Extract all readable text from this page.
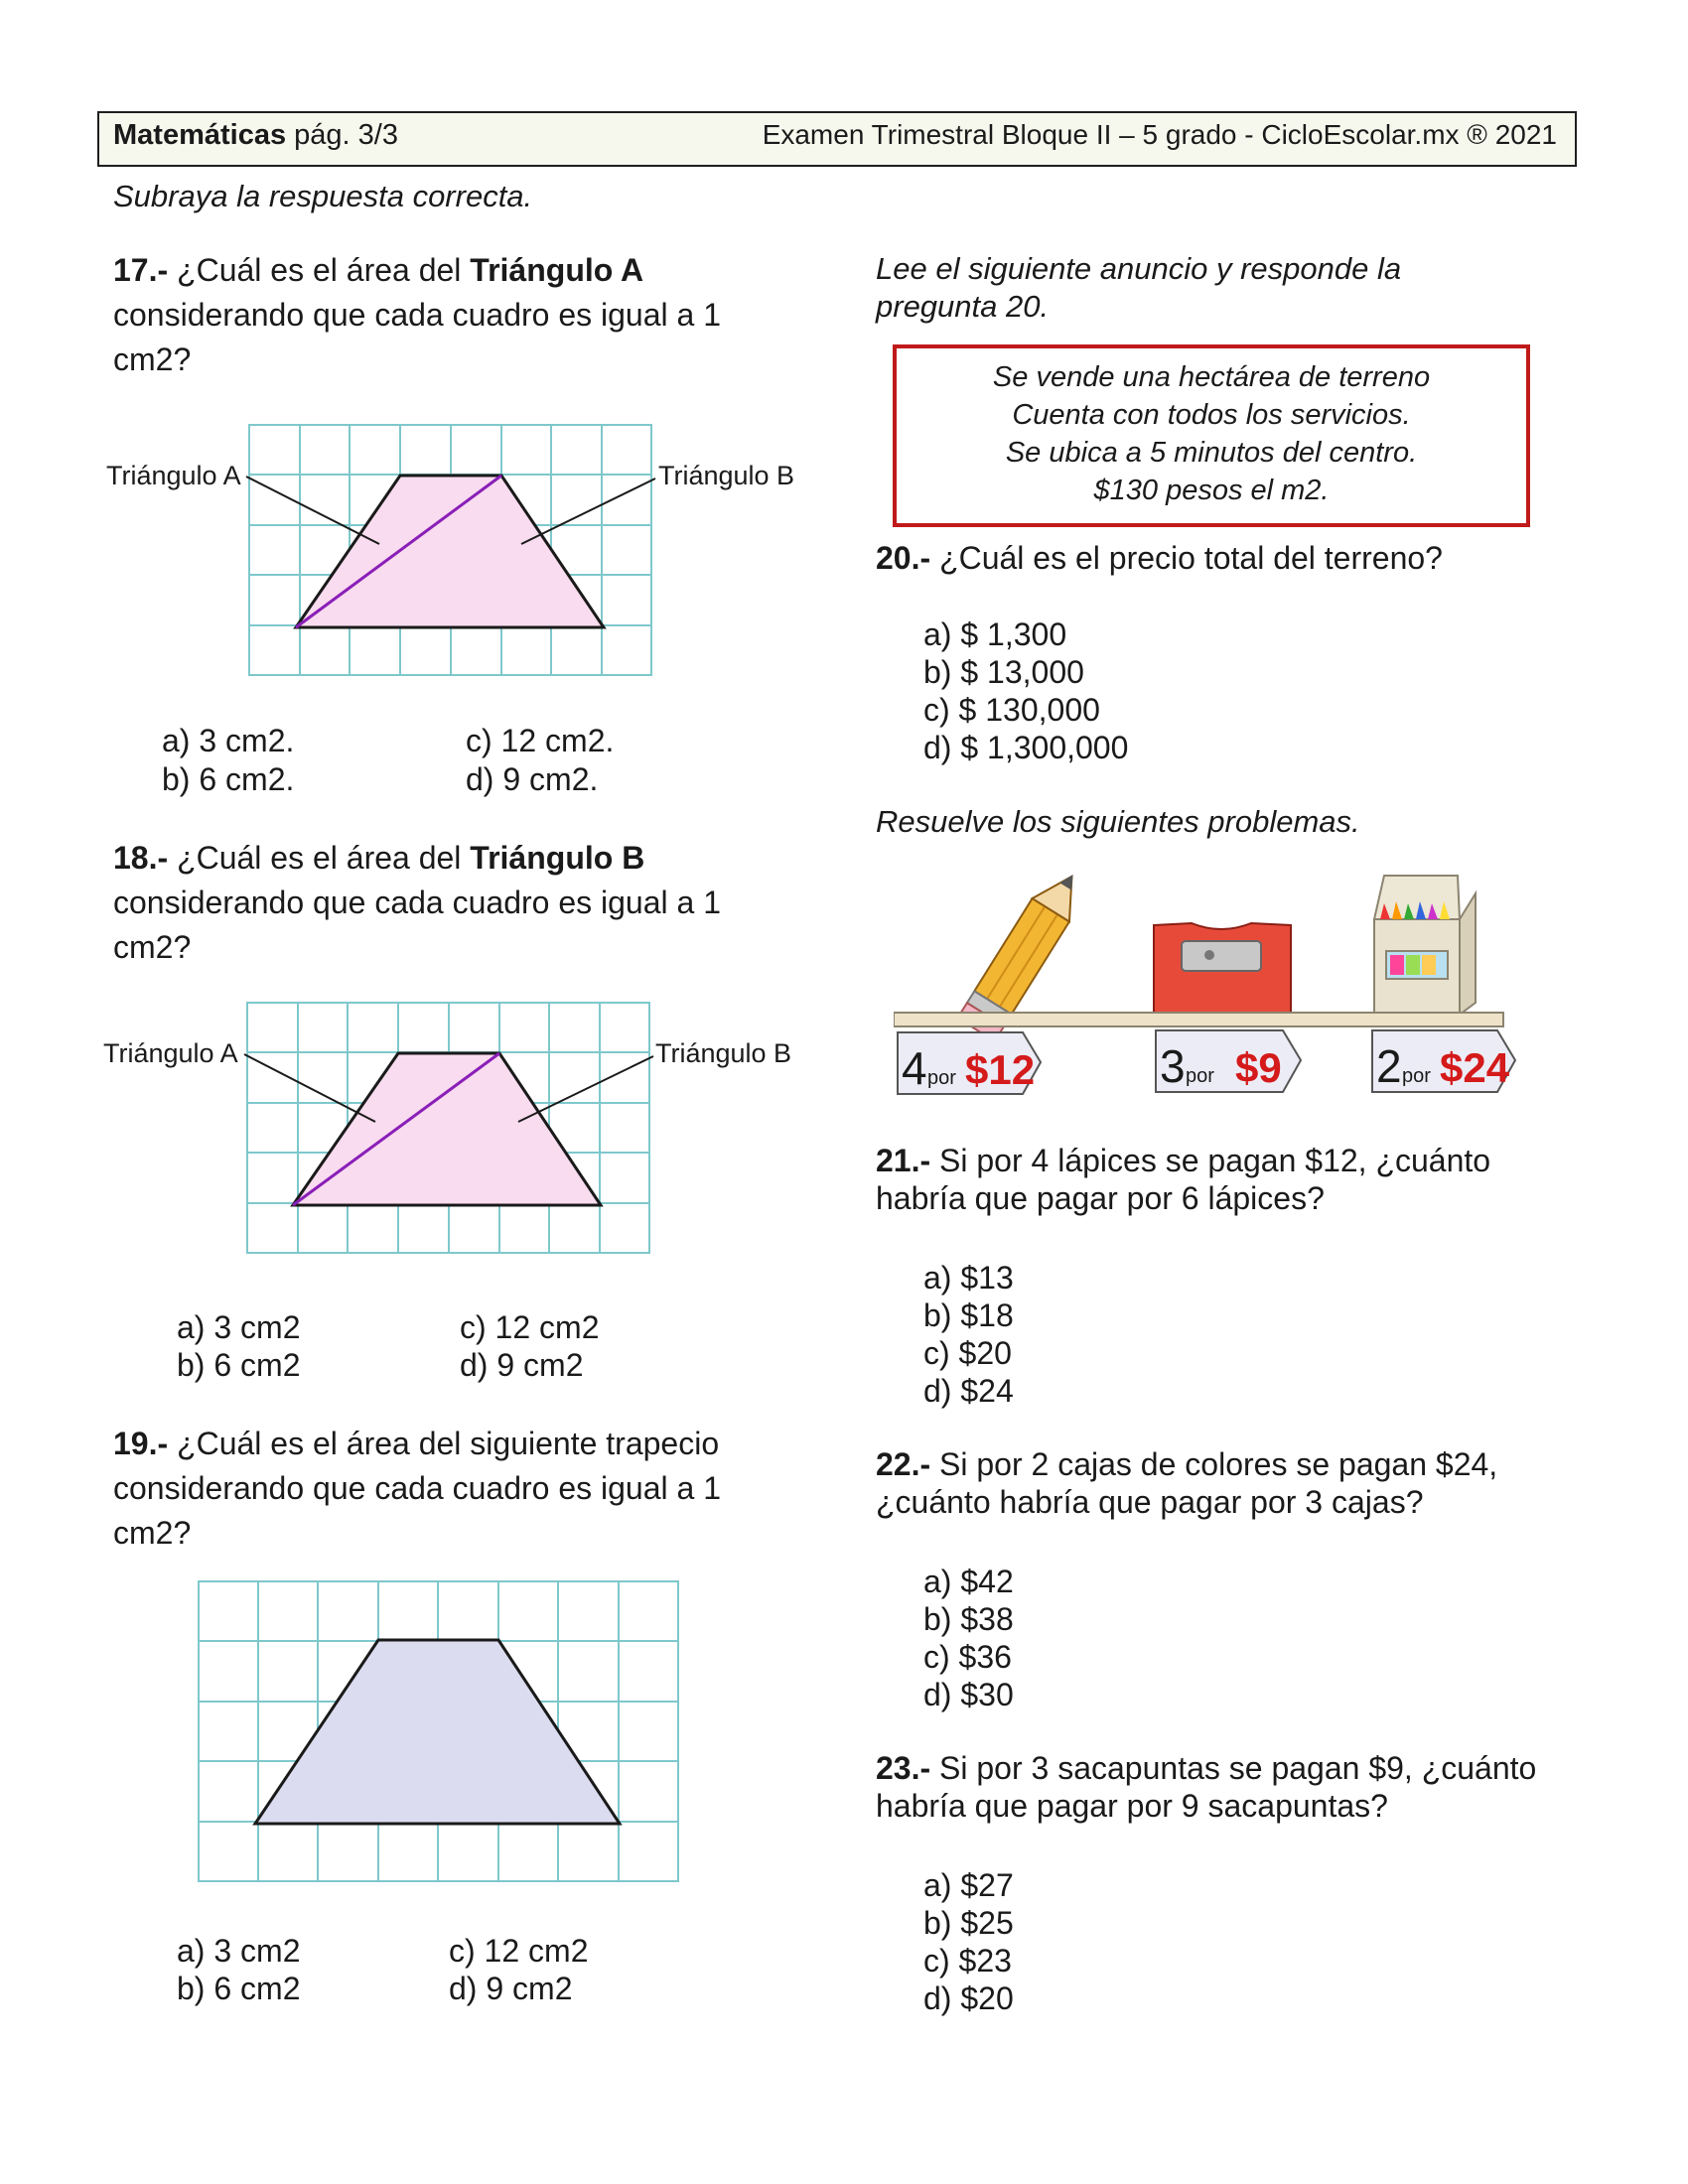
Matemáticas pág. 3/3	Examen Trimestral Bloque II – 5 grado - CicloEscolar.mx ® 2021
Subraya la respuesta correcta.
17.- ¿Cuál es el área del Triángulo A
considerando que cada cuadro es igual a 1
cm2?
Triángulo A	Triángulo B
a) 3 cm2.
b) 6 cm2.
c) 12 cm2.
d) 9 cm2.
18.- ¿Cuál es el área del Triángulo B
considerando que cada cuadro es igual a 1
cm2?
Triángulo A	Triángulo B
a) 3 cm2
b) 6 cm2
c) 12 cm2
d) 9 cm2
19.- ¿Cuál es el área del siguiente trapecio
considerando que cada cuadro es igual a 1
cm2?
a) 3 cm2
b) 6 cm2
c) 12 cm2
d) 9 cm2
Lee el siguiente anuncio y responde la
pregunta 20.
Se vende una hectárea de terreno
Cuenta con todos los servicios.
Se ubica a 5 minutos del centro.
$130 pesos el m2.
20.- ¿Cuál es el precio total del terreno?
a) $ 1,300
b) $ 13,000
c) $ 130,000
d) $ 1,300,000
Resuelve los siguientes problemas.
4 por $12	3 por $9 2 por $24
21.- Si por 4 lápices se pagan $12, ¿cuánto
habría que pagar por 6 lápices?
a) $13
b) $18
c) $20
d) $24
22.- Si por 2 cajas de colores se pagan $24,
¿cuánto habría que pagar por 3 cajas?
a) $42
b) $38
c) $36
d) $30
23.- Si por 3 sacapuntas se pagan $9, ¿cuánto
habría que pagar por 9 sacapuntas?
a) $27
b) $25
c) $23
d) $20
